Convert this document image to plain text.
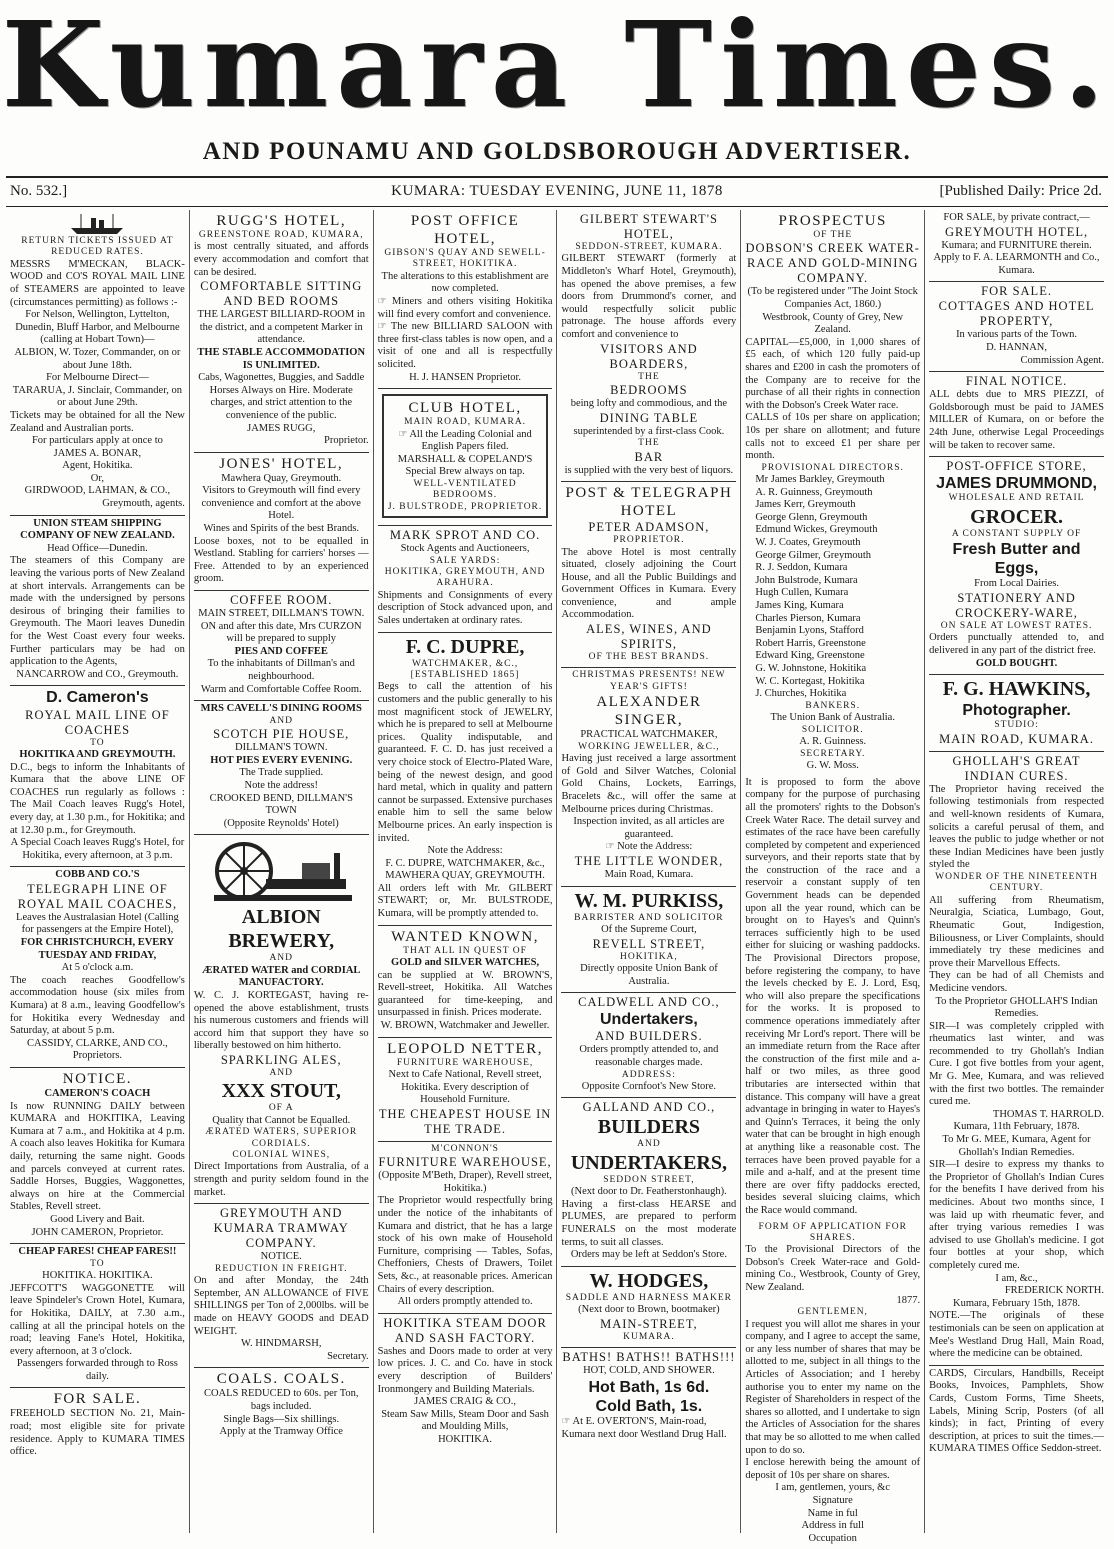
Kumara Times.
AND POUNAMU AND GOLDSBOROUGH ADVERTISER.
No. 532.]	KUMARA: TUESDAY EVENING, JUNE 11, 1878	[Published Daily: Price 2d.

RETURN TICKETS ISSUED AT REDUCED RATES.

MESSRS M'MECKAN, BLACK-WOOD and CO'S ROYAL MAIL LINE of STEAMERS are appointed to leave (circumstances permitting) as follows :-

For Nelson, Wellington, Lyttelton, Dunedin, Bluff Harbor, and Melbourne (calling at Hobart Town)—

ALBION, W. Tozer, Commander, on or about June 18th.

For Melbourne Direct—

TARARUA, J. Sinclair, Commander, on or about June 29th.

Tickets may be obtained for all the New Zealand and Australian ports.

For particulars apply at once to

JAMES A. BONAR,

Agent, Hokitika.

Or,

GIRDWOOD, LAHMAN, & CO.,

Greymouth, agents.

UNION STEAM SHIPPING COMPANY OF NEW ZEALAND.

Head Office—Dunedin.

The steamers of this Company are leaving the various ports of New Zealand at short intervals. Arrangements can be made with the undersigned by persons desirous of bringing their families to Greymouth. The Maori leaves Dunedin for the West Coast every four weeks. Further particulars may be had on application to the Agents,

NANCARROW and CO., Greymouth.

D. Cameron's

ROYAL MAIL LINE OF COACHES

TO

HOKITIKA AND GREYMOUTH.

D.C., begs to inform the Inhabitants of Kumara that the above LINE OF COACHES run regularly as follows : The Mail Coach leaves Rugg's Hotel, every day, at 1.30 p.m., for Hokitika; and at 12.30 p.m., for Greymouth.

A Special Coach leaves Rugg's Hotel, for Hokitika, every afternoon, at 3 p.m.

COBB AND CO.'S

TELEGRAPH LINE OF ROYAL MAIL COACHES,

Leaves the Australasian Hotel (Calling for passengers at the Empire Hotel),

FOR CHRISTCHURCH, EVERY TUESDAY AND FRIDAY,

At 5 o'clock a.m.

The coach reaches Goodfellow's accommodation house (six miles from Kumara) at 8 a.m., leaving Goodfellow's for Hokitika every Wednesday and Saturday, at about 5 p.m.

CASSIDY, CLARKE, AND CO., Proprietors.

NOTICE.

CAMERON'S COACH

Is now RUNNING DAILY between KUMARA and HOKITIKA, Leaving Kumara at 7 a.m., and Hokitika at 4 p.m. A coach also leaves Hokitika for Kumara daily, returning the same night. Goods and parcels conveyed at current rates. Saddle Horses, Buggies, Waggonettes, always on hire at the Commercial Stables, Revell street.

Good Livery and Bait.

JOHN CAMERON, Proprietor.

CHEAP FARES! CHEAP FARES!!

TO

HOKITIKA. HOKITIKA.

JEFFCOTT'S WAGGONETTE will leave Spindeler's Crown Hotel, Kumara, for Hokitika, DAILY, at 7.30 a.m., calling at all the principal hotels on the road; leaving Fane's Hotel, Hokitika, every afternoon, at 3 o'clock.

Passengers forwarded through to Ross daily.

FOR SALE.

FREEHOLD SECTION No. 21, Main-road; most eligible site for private residence. Apply to KUMARA TIMES office.

RUGG'S HOTEL,

GREENSTONE ROAD, KUMARA,

is most centrally situated, and affords every accommodation and comfort that can be desired.

COMFORTABLE SITTING AND BED ROOMS

THE LARGEST BILLIARD-ROOM in the district, and a competent Marker in attendance.

THE STABLE ACCOMMODATION IS UNLIMITED.

Cabs, Wagonettes, Buggies, and Saddle Horses Always on Hire. Moderate charges, and strict attention to the convenience of the public.

JAMES RUGG,

Proprietor.

JONES' HOTEL,

Mawhera Quay, Greymouth.

Visitors to Greymouth will find every convenience and comfort at the above Hotel.

Wines and Spirits of the best Brands.

Loose boxes, not to be equalled in Westland. Stabling for carriers' horses —Free. Attended to by an experienced groom.

COFFEE ROOM.

MAIN STREET, DILLMAN'S TOWN.

ON and after this date, Mrs CURZON will be prepared to supply

PIES AND COFFEE

To the inhabitants of Dillman's and neighbourhood.

Warm and Comfortable Coffee Room.

MRS CAVELL'S DINING ROOMS

AND

SCOTCH PIE HOUSE,

DILLMAN'S TOWN.

HOT PIES EVERY EVENING.

The Trade supplied.

Note the address!

CROOKED BEND, DILLMAN'S TOWN

(Opposite Reynolds' Hotel)

ALBION BREWERY,

AND

ÆRATED WATER and CORDIAL MANUFACTORY.

W. C. J. KORTEGAST, having re-opened the above establishment, trusts his numerous customers and friends will accord him that support they have so liberally bestowed on him hitherto.

SPARKLING ALES,

AND

XXX STOUT,

OF A

Quality that Cannot be Equalled.

ÆRATED WATERS, SUPERIOR CORDIALS.

COLONIAL WINES,

Direct Importations from Australia, of a strength and purity seldom found in the market.

GREYMOUTH AND KUMARA TRAMWAY COMPANY.

NOTICE.

REDUCTION IN FREIGHT.

On and after Monday, the 24th September, AN ALLOWANCE of FIVE SHILLINGS per Ton of 2,000lbs. will be made on HEAVY GOODS and DEAD WEIGHT.

W. HINDMARSH,

Secretary.

COALS. COALS.

COALS REDUCED to 60s. per Ton, bags included.

Single Bags—Six shillings.

Apply at the Tramway Office

POST OFFICE HOTEL,

GIBSON'S QUAY AND SEWELL-STREET, HOKITIKA.

The alterations to this establishment are now completed.

☞ Miners and others visiting Hokitika will find every comfort and convenience.

☞ The new BILLIARD SALOON with three first-class tables is now open, and a visit of one and all is respectfully solicited.

H. J. HANSEN Proprietor.

CLUB HOTEL,

MAIN ROAD, KUMARA.

☞ All the Leading Colonial and English Papers filed.

MARSHALL & COPELAND'S Special Brew always on tap.

WELL-VENTILATED BEDROOMS.

J. BULSTRODE, PROPRIETOR.

MARK SPROT AND CO.

Stock Agents and Auctioneers,

SALE YARDS:

HOKITIKA, GREYMOUTH, AND ARAHURA.

Shipments and Consignments of every description of Stock advanced upon, and Sales undertaken at ordinary rates.

F. C. DUPRE,

WATCHMAKER, &C.,

[ESTABLISHED 1865]

Begs to call the attention of his customers and the public generally to his most magnificent stock of JEWELRY, which he is prepared to sell at Melbourne prices. Quality indisputable, and guaranteed. F. C. D. has just received a very choice stock of Electro-Plated Ware, being of the newest design, and good hard metal, which in quality and pattern cannot be surpassed. Extensive purchases enable him to sell the same below Melbourne prices. An early inspection is invited.

Note the Address:

F. C. DUPRE, WATCHMAKER, &c., MAWHERA QUAY, GREYMOUTH.

All orders left with Mr. GILBERT STEWART; or, Mr. BULSTRODE, Kumara, will be promptly attended to.

WANTED KNOWN,

THAT ALL IN QUEST OF

GOLD and SILVER WATCHES,

can be supplied at W. BROWN'S, Revell-street, Hokitika. All Watches guaranteed for time-keeping, and unsurpassed in finish. Prices moderate.

W. BROWN, Watchmaker and Jeweller.

LEOPOLD NETTER,

FURNITURE WAREHOUSE,

Next to Cafe National, Revell street, Hokitika. Every description of Household Furniture.

THE CHEAPEST HOUSE IN THE TRADE.

M'CONNON'S

FURNITURE WAREHOUSE,

(Opposite M'Beth, Draper), Revell street, Hokitika.)

The Proprietor would respectfully bring under the notice of the inhabitants of Kumara and district, that he has a large stock of his own make of Household Furniture, comprising — Tables, Sofas, Cheffoniers, Chests of Drawers, Toilet Sets, &c., at reasonable prices. American Chairs of every description.

All orders promptly attended to.

HOKITIKA STEAM DOOR AND SASH FACTORY.

Sashes and Doors made to order at very low prices. J. C. and Co. have in stock every description of Builders' Ironmongery and Building Materials.

JAMES CRAIG & CO.,

Steam Saw Mills, Steam Door and Sash and Moulding Mills,

HOKITIKA.

GILBERT STEWART'S HOTEL,

SEDDON-STREET, KUMARA.

GILBERT STEWART (formerly at Middleton's Wharf Hotel, Greymouth), has opened the above premises, a few doors from Drummond's corner, and would respectfully solicit public patronage. The house affords every comfort and convenience to

VISITORS AND BOARDERS,

THE

BEDROOMS

being lofty and commodious, and the

DINING TABLE

superintended by a first-class Cook.

THE

BAR

is supplied with the very best of liquors.

POST & TELEGRAPH HOTEL

PETER ADAMSON,

PROPRIETOR.

The above Hotel is most centrally situated, closely adjoining the Court House, and all the Public Buildings and Government Offices in Kumara. Every convenience, and ample Accommodation.

ALES, WINES, AND SPIRITS,

OF THE BEST BRANDS.

CHRISTMAS PRESENTS! NEW YEAR'S GIFTS!

ALEXANDER SINGER,

PRACTICAL WATCHMAKER,

WORKING JEWELLER, &C.,

Having just received a large assortment of Gold and Silver Watches, Colonial Gold Chains, Lockets, Earrings, Bracelets &c., will offer the same at Melbourne prices during Christmas.

Inspection invited, as all articles are guaranteed.

☞ Note the Address:

THE LITTLE WONDER,

Main Road, Kumara.

W. M. PURKISS,

BARRISTER AND SOLICITOR

Of the Supreme Court,

REVELL STREET,

HOKITIKA,

Directly opposite Union Bank of Australia.

CALDWELL AND CO.,

Undertakers,

AND BUILDERS.

Orders promptly attended to, and reasonable charges made.

ADDRESS:

Opposite Cornfoot's New Store.

GALLAND AND CO.,

BUILDERS

AND

UNDERTAKERS,

SEDDON STREET,

(Next door to Dr. Featherstonhaugh).

Having a first-class HEARSE and PLUMES, are prepared to perform FUNERALS on the most moderate terms, to suit all classes.

Orders may be left at Seddon's Store.

W. HODGES,

SADDLE AND HARNESS MAKER

(Next door to Brown, bootmaker)

MAIN-STREET,

KUMARA.

BATHS! BATHS!! BATHS!!!

HOT, COLD, AND SHOWER.

Hot Bath, 1s 6d.

Cold Bath, 1s.

☞ At E. OVERTON'S, Main-road, Kumara next door Westland Drug Hall.

PROSPECTUS

OF THE

DOBSON'S CREEK WATER-RACE AND GOLD-MINING COMPANY.

(To be registered under "The Joint Stock Companies Act, 1860.)

Westbrook, County of Grey, New Zealand.

CAPITAL—£5,000, in 1,000 shares of £5 each, of which 120 fully paid-up shares and £200 in cash the promoters of the Company are to receive for the purchase of all their rights in connection with the Dobson's Creek Water race.

CALLS of 10s per share on application; 10s per share on allotment; and future calls not to exceed £1 per share per month.

PROVISIONAL DIRECTORS.

Mr James Barkley, Greymouth

A. R. Guinness, Greymouth

James Kerr, Greymouth

George Glenn, Greymouth

Edmund Wickes, Greymouth

W. J. Coates, Greymouth

George Gilmer, Greymouth

R. J. Seddon, Kumara

John Bulstrode, Kumara

Hugh Cullen, Kumara

James King, Kumara

Charles Pierson, Kumara

Benjamin Lyons, Stafford

Robert Harris, Greenstone

Edward King, Greenstone

G. W. Johnstone, Hokitika

W. C. Kortegast, Hokitika

J. Churches, Hokitika

BANKERS.

The Union Bank of Australia.

SOLICITOR.

A. R. Guinness.

SECRETARY.

G. W. Moss.

It is proposed to form the above company for the purpose of purchasing all the promoters' rights to the Dobson's Creek Water Race. The detail survey and estimates of the race have been carefully completed by competent and experienced surveyors, and their reports state that by the construction of the race and a reservoir a constant supply of ten Government heads can be depended upon all the year round, which can be brought on to Hayes's and Quinn's terraces sufficiently high to be used either for sluicing or washing paddocks. The Provisional Directors propose, before registering the company, to have the levels checked by E. J. Lord, Esq, who will also prepare the specifications for the works. It is proposed to commence operations immediately after receiving Mr Lord's report. There will be an immediate return from the Race after the construction of the first mile and a-half or two miles, as three good tributaries are intersected within that distance. This company will have a great advantage in bringing in water to Hayes's and Quinn's Terraces, it being the only water that can be brought in high enough at anything like a reasonable cost. The terraces have been proved payable for a mile and a-half, and at the present time there are over fifty paddocks erected, besides several sluicing claims, which the Race would command.

FORM OF APPLICATION FOR SHARES.

To the Provisional Directors of the Dobson's Creek Water-race and Gold-mining Co., Westbrook, County of Grey, New Zealand.

1877.

GENTLEMEN,

I request you will allot me shares in your company, and I agree to accept the same, or any less number of shares that may be allotted to me, subject in all things to the Articles of Association; and I hereby authorise you to enter my name on the Register of Shareholders in respect of the shares so allotted, and I undertake to sign the Articles of Association for the shares that may be so allotted to me when called upon to do so.

I enclose herewith being the amount of deposit of 10s per share on shares.

I am, gentlemen, yours, &c

Signature

Name in ful

Address in full

Occupation

FOR SALE, by private contract,—

GREYMOUTH HOTEL,

Kumara; and FURNITURE therein.

Apply to F. A. LEARMONTH and Co., Kumara.

FOR SALE.

COTTAGES AND HOTEL PROPERTY,

In various parts of the Town.

D. HANNAN,

Commission Agent.

FINAL NOTICE.

ALL debts due to MRS PIEZZI, of Goldsborough must be paid to JAMES MILLER of Kumara, on or before the 24th June, otherwise Legal Proceedings will be taken to recover same.

POST-OFFICE STORE,

JAMES DRUMMOND,

WHOLESALE AND RETAIL

GROCER.

A CONSTANT SUPPLY OF

Fresh Butter and Eggs,

From Local Dairies.

STATIONERY AND CROCKERY-WARE,

ON SALE AT LOWEST RATES.

Orders punctually attended to, and delivered in any part of the district free.

GOLD BOUGHT.

F. G. HAWKINS,

Photographer.

STUDIO:

MAIN ROAD, KUMARA.

GHOLLAH'S GREAT INDIAN CURES.

The Proprietor having received the following testimonials from respected and well-known residents of Kumara, solicits a careful perusal of them, and leaves the public to judge whether or not these Indian Medicines have been justly styled the

WONDER OF THE NINETEENTH CENTURY.

All suffering from Rheumatism, Neuralgia, Sciatica, Lumbago, Gout, Rheumatic Gout, Indigestion, Biliousness, or Liver Complaints, should immediately try these medicines and prove their Marvellous Effects.

They can be had of all Chemists and Medicine vendors.

To the Proprietor GHOLLAH'S Indian Remedies.

SIR—I was completely crippled with rheumatics last winter, and was recommended to try Ghollah's Indian Cure. I got five bottles from your agent, Mr G. Mee, Kumara, and was relieved with the first two bottles. The remainder cured me.

THOMAS T. HARROLD.

Kumara, 11th February, 1878.

To Mr G. MEE, Kumara, Agent for Ghollah's Indian Remedies.

SIR—I desire to express my thanks to the Proprietor of Ghollah's Indian Cures for the benefits I have derived from his medicines. About two months since, I was laid up with rheumatic fever, and after trying various remedies I was advised to use Ghollah's medicine. I got four bottles at your shop, which completely cured me.

I am, &c.,

FREDERICK NORTH.

Kumara, February 15th, 1878.

NOTE.—The originals of these testimonials can be seen on application at Mee's Westland Drug Hall, Main Road, where the medicine can be obtained.

CARDS, Circulars, Handbills, Receipt Books, Invoices, Pamphlets, Show Cards, Custom Forms, Time Sheets, Labels, Mining Scrip, Posters (of all kinds); in fact, Printing of every description, at prices to suit the times.— KUMARA TIMES Office Seddon-street.
